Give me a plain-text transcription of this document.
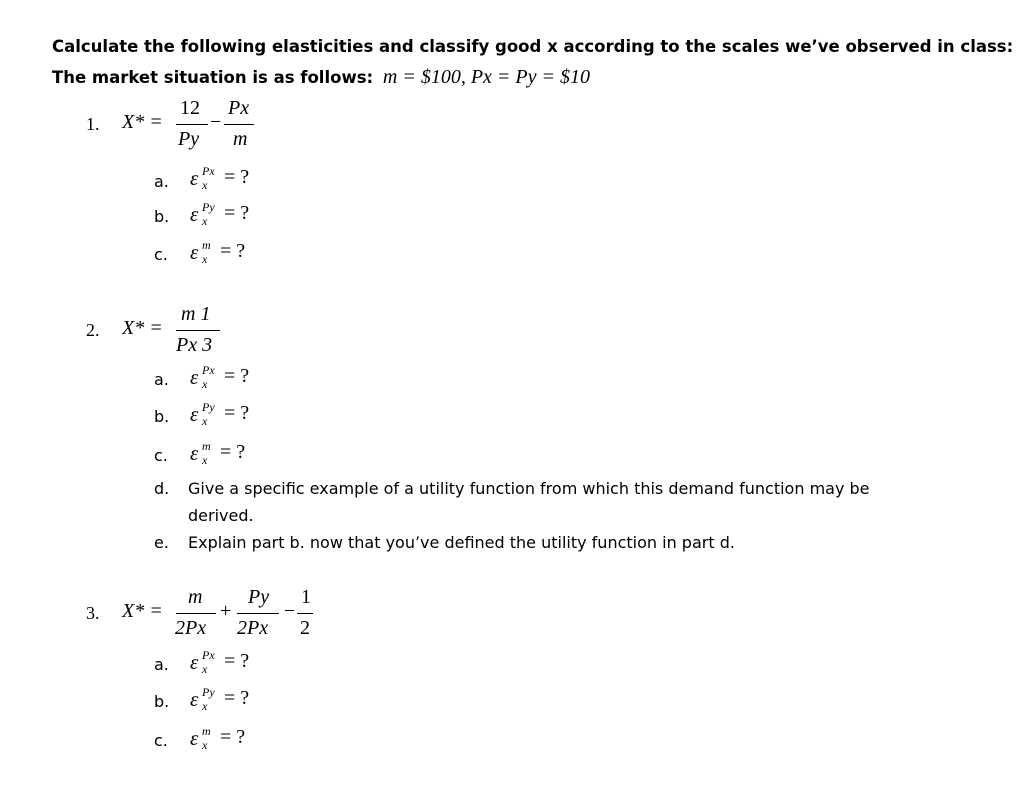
Calculate the following elasticities and classify good x according to the scales we’ve observed in class:
The market situation is as follows: m = $100, Px = Py = $10
1. X* =
12
Py
−
Px
m
a. ε Px
x = ?
b. ε Py
x = ?
c. ε m
x = ?
2. X* =
m 1
Px 3
a. ε Px
x = ?
b. ε Py
x = ?
c. ε m
x = ?
d. Give a specific example of a utility function from which this demand function may be
derived.
e. Explain part b. now that you’ve defined the utility function in part d.
3. X* =
m
2Px
+
Py
2Px
−
1
2
a. ε Px
x = ?
b. ε Py
x = ?
c. ε m
x = ?
